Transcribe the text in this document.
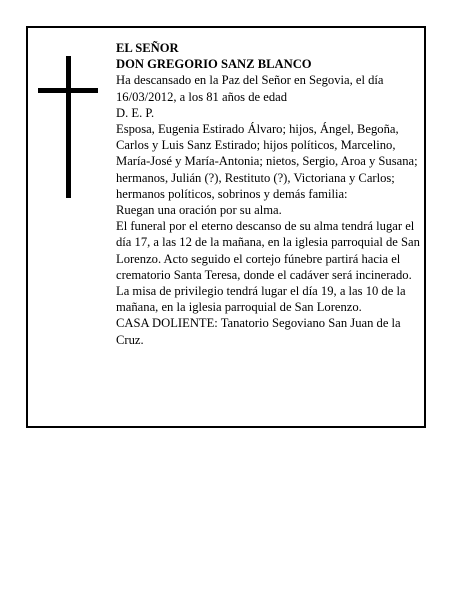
EL SEÑOR

DON GREGORIO SANZ BLANCO

Ha descansado en la Paz del Señor en Segovia, el día 16/03/2012, a los 81 años de edad

D. E. P.

Esposa, Eugenia Estirado Álvaro; hijos, Ángel, Begoña, Carlos y Luis Sanz Estirado; hijos políticos, Marcelino, María-José y María-Antonia; nietos, Sergio, Aroa y Susana; hermanos, Julián (?), Restituto (?), Victoriana y Carlos; hermanos políticos, sobrinos y demás familia:

Ruegan una oración por su alma.

El funeral por el eterno descanso de su alma tendrá lugar el día 17, a las 12 de la mañana, en la iglesia parroquial de San Lorenzo. Acto seguido el cortejo fúnebre partirá hacia el crematorio Santa Teresa, donde el cadáver será incinerado. La misa de privilegio tendrá lugar el día 19, a las 10 de la mañana, en la iglesia parroquial de San Lorenzo.

CASA DOLIENTE: Tanatorio Segoviano San Juan de la Cruz.
